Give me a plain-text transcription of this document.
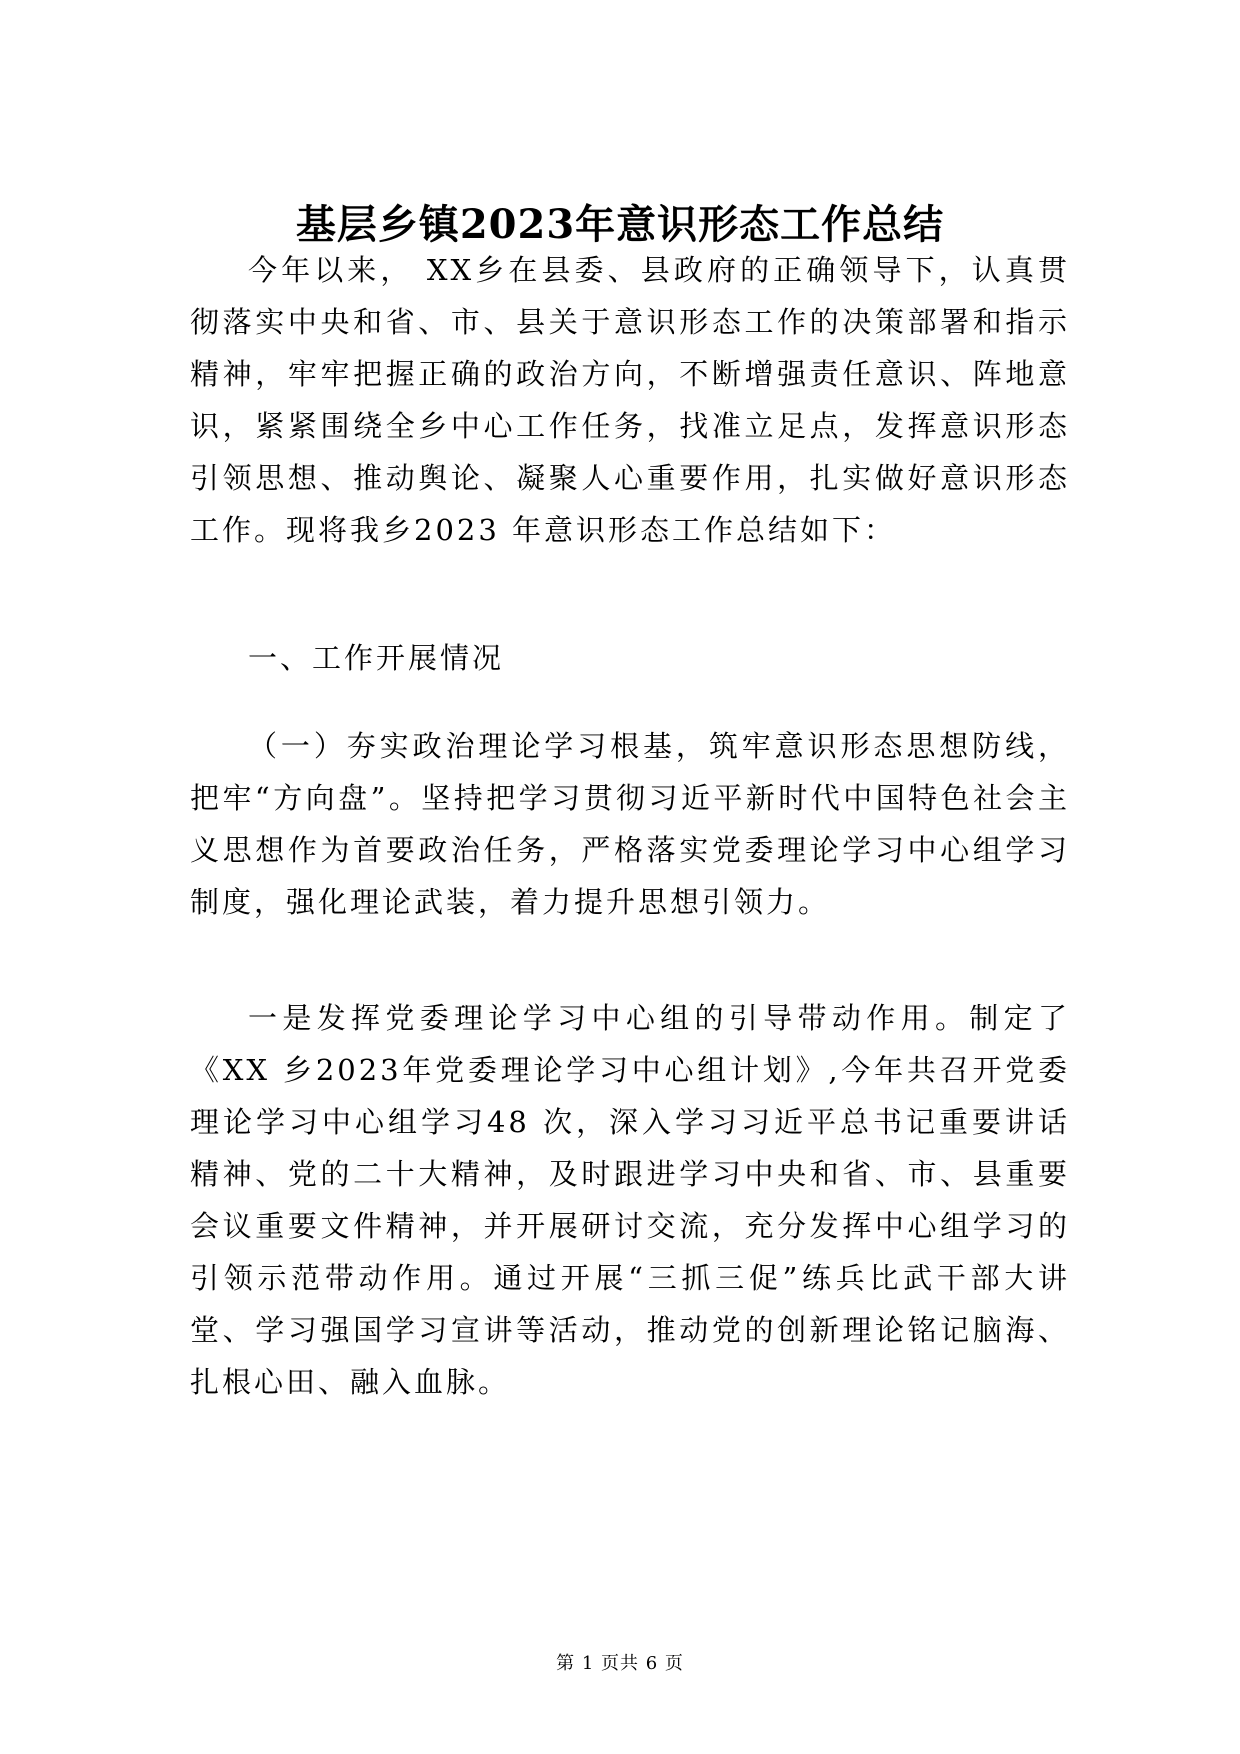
基层乡镇2023年意识形态工作总结

今年以来， XX乡在县委、县政府的正确领导下，认真贯彻落实中央和省、市、县关于意识形态工作的决策部署和指示精神，牢牢把握正确的政治方向，不断增强责任意识、阵地意识，紧紧围绕全乡中心工作任务，找准立足点，发挥意识形态引领思想、推动舆论、凝聚人心重要作用，扎实做好意识形态工作。现将我乡2023 年意识形态工作总结如下：

一、工作开展情况

（一）夯实政治理论学习根基，筑牢意识形态思想防线，把牢“方向盘”。坚持把学习贯彻习近平新时代中国特色社会主义思想作为首要政治任务，严格落实党委理论学习中心组学习制度，强化理论武装，着力提升思想引领力。

一是发挥党委理论学习中心组的引导带动作用。制定了《XX 乡2023年党委理论学习中心组计划》,今年共召开党委理论学习中心组学习48 次，深入学习习近平总书记重要讲话精神、党的二十大精神，及时跟进学习中央和省、市、县重要会议重要文件精神，并开展研讨交流，充分发挥中心组学习的引领示范带动作用。通过开展“三抓三促”练兵比武干部大讲堂、学习强国学习宣讲等活动，推动党的创新理论铭记脑海、扎根心田、融入血脉。

第 1 页共 6 页
